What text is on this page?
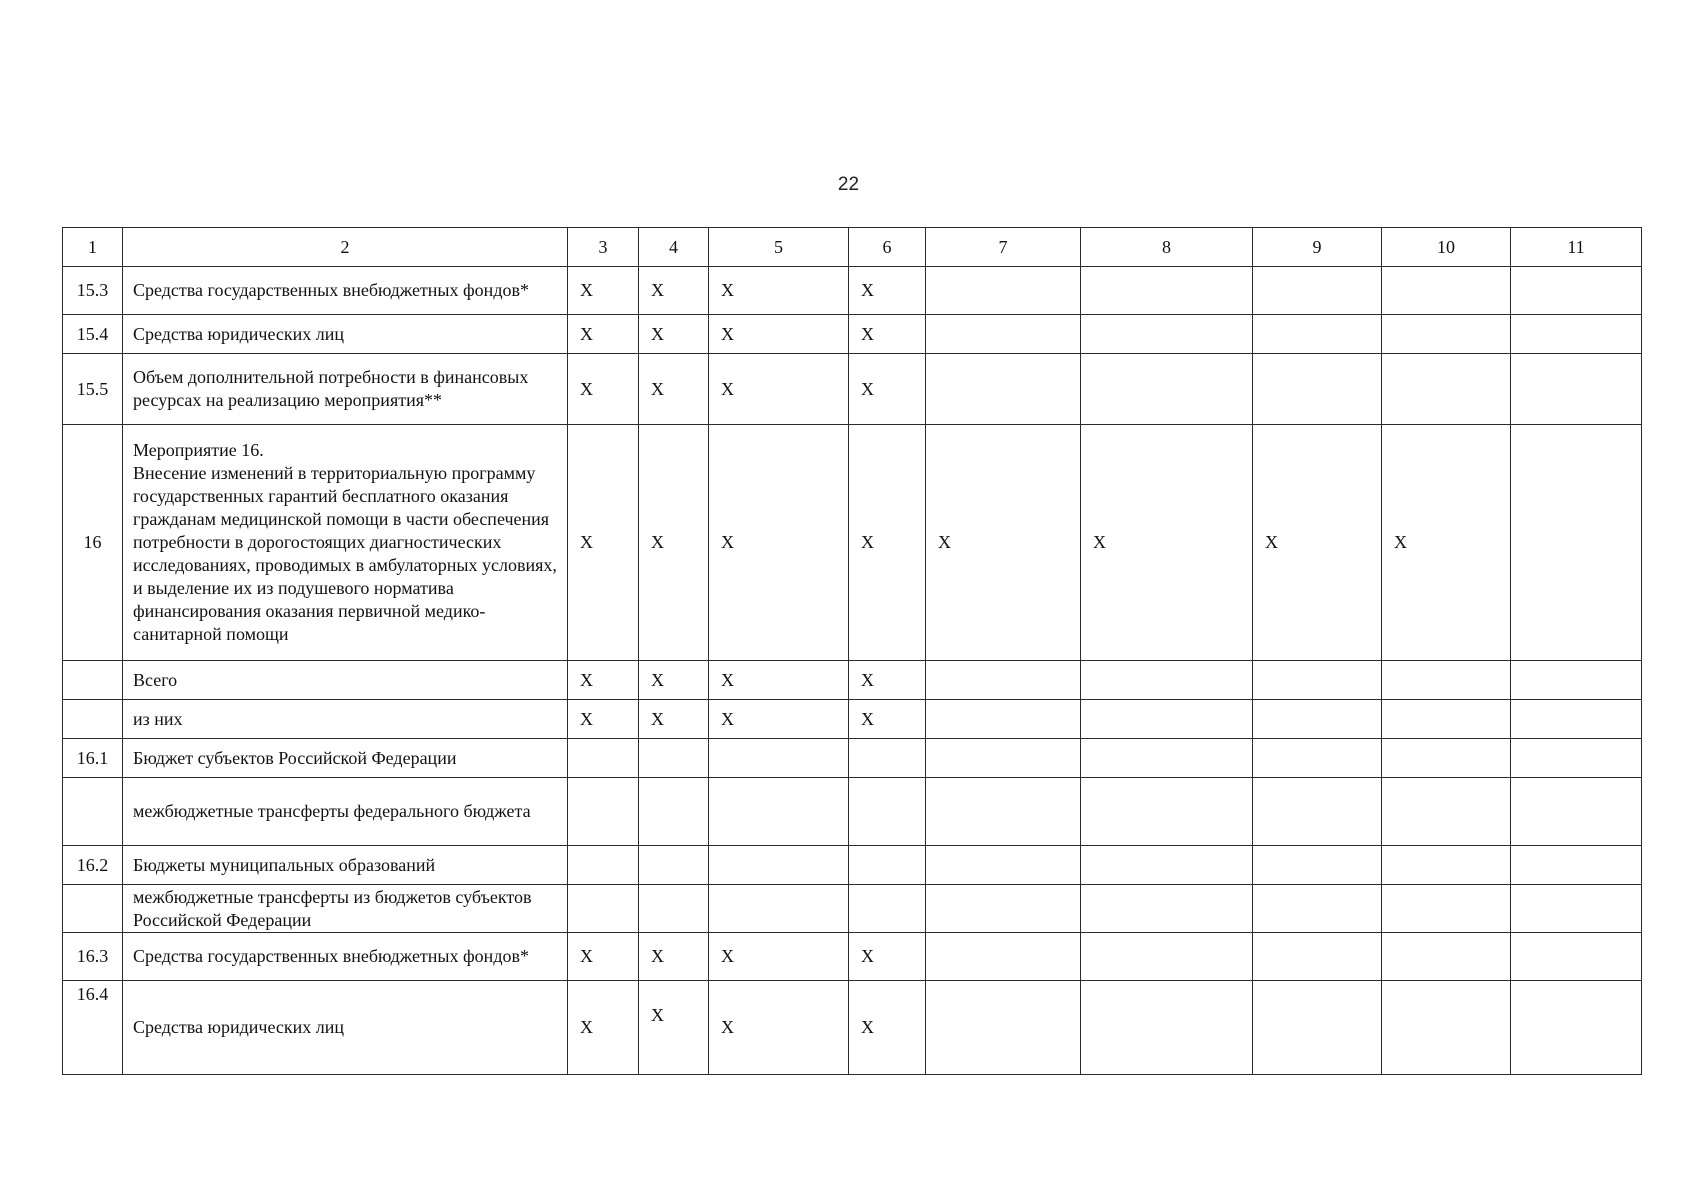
22
1	2	3	4	5	6	7	8	9	10	11
15.3	Средства государственных внебюджетных фондов*	X	X	X	X					
15.4	Средства юридических лиц	X	X	X	X					
15.5	Объем дополнительной потребности в финансовых ресурсах на реализацию мероприятия**	X	X	X	X					
16	Мероприятие 16.
Внесение изменений в территориальную программу государственных гарантий бесплатного оказания гражданам медицинской помощи в части обеспечения потребности в дорогостоящих диагностических исследованиях, проводимых в амбулаторных условиях, и выделение их из подушевого норматива финансирования оказания первичной медико-санитарной помощи	X	X	X	X	X	X	X	X	
	Всего	X	X	X	X					
	из них	X	X	X	X					
16.1	Бюджет субъектов Российской Федерации									
	межбюджетные трансферты федерального бюджета									
16.2	Бюджеты муниципальных образований									
	межбюджетные трансферты из бюджетов субъектов Российской Федерации									
16.3	Средства государственных внебюджетных фондов*	X	X	X	X					
16.4	Средства юридических лиц	X	X	X	X					
